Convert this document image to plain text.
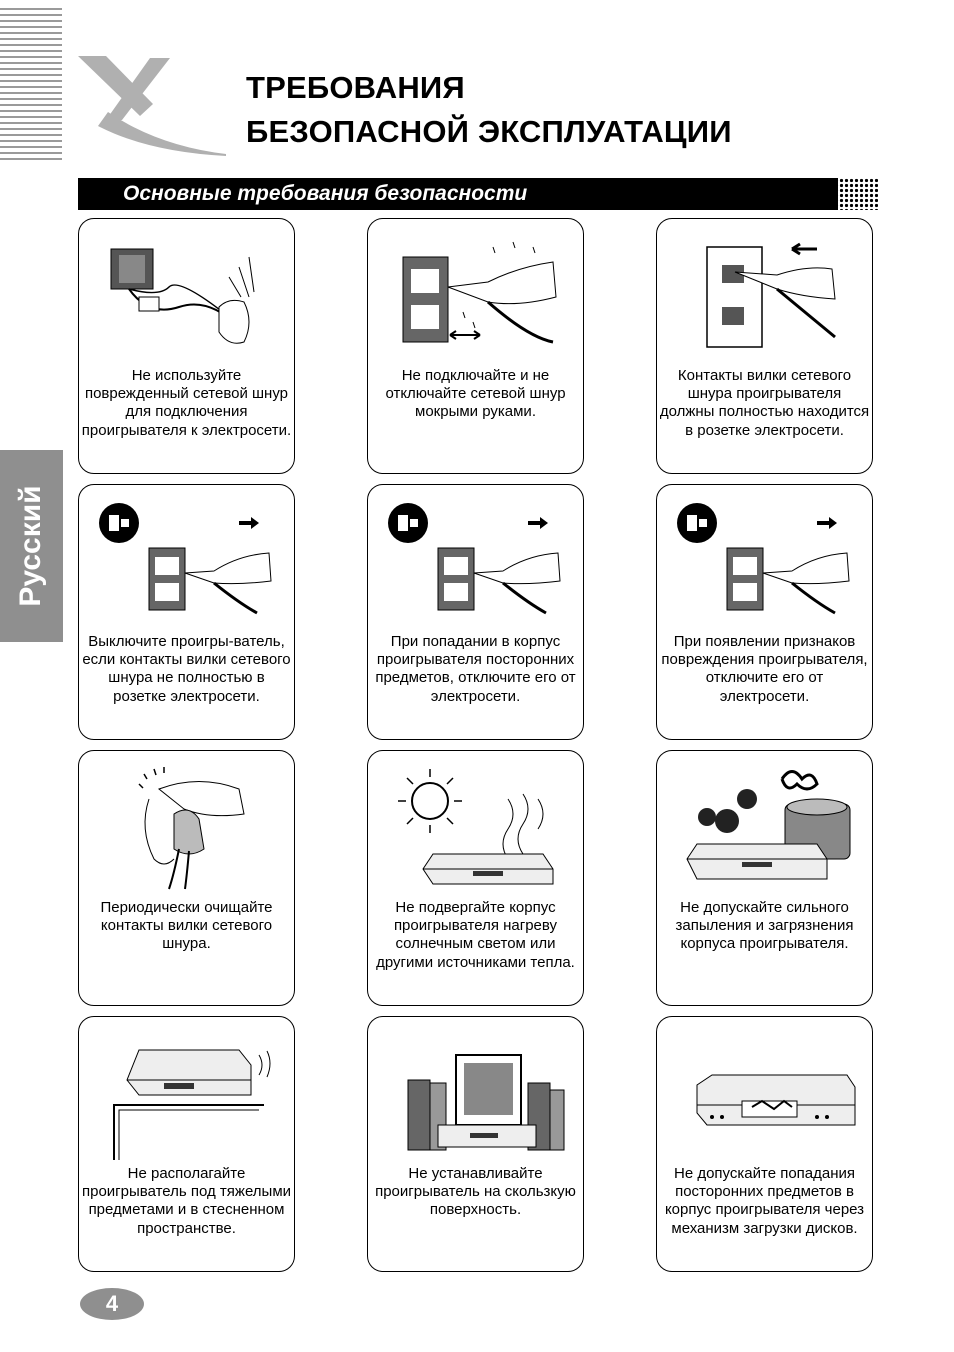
ТРЕБОВАНИЯ
БЕЗОПАСНОЙ ЭКСПЛУАТАЦИИ
Основные требования безопасности
Русский
Не используйте поврежденный сетевой шнур для подключения проигрывателя к электросети.
Не подключайте и не отключайте сетевой шнур мокрыми руками.
Контакты вилки сетевого шнура проигрывателя должны полностью находится в розетке электросети.
Выключите проигры-ватель, если контакты вилки сетевого шнура не полностью в розетке электросети.
При попадании в корпус проигрывателя посторонних предметов, отключите его от электросети.
При появлении признаков повреждения проигрывателя, отключите его от электросети.
Периодически очищайте контакты вилки сетевого шнура.
Не подвергайте корпус проигрывателя нагреву солнечным светом или другими источниками тепла.
Не допускайте сильного запыления и загрязнения корпуса проигрывателя.
Не располагайте проигрыватель под тяжелыми предметами и в стесненном пространстве.
Не устанавливайте проигрыватель на скользкую поверхность.
Не допускайте попадания посторонних предметов в корпус проигрывателя через механизм загрузки дисков.
4
